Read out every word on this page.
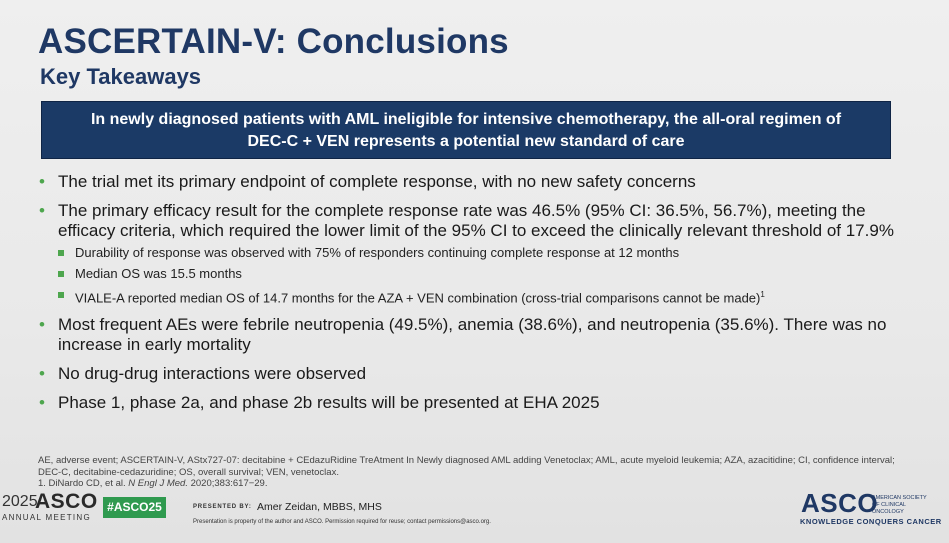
ASCERTAIN-V: Conclusions
Key Takeaways
In newly diagnosed patients with AML ineligible for intensive chemotherapy, the all-oral regimen of
DEC-C + VEN represents a potential new standard of care
• The trial met its primary endpoint of complete response, with no new safety concerns
• The primary efficacy result for the complete response rate was 46.5% (95% CI: 36.5%, 56.7%), meeting the efficacy criteria, which required the lower limit of the 95% CI to exceed the clinically relevant threshold of 17.9%
Durability of response was observed with 75% of responders continuing complete response at 12 months
Median OS was 15.5 months
VIALE-A reported median OS of 14.7 months for the AZA + VEN combination (cross-trial comparisons cannot be made)$^1$
• Most frequent AEs were febrile neutropenia (49.5%), anemia (38.6%), and neutropenia (35.6%). There was no increase in early mortality
• No drug-drug interactions were observed
• Phase 1, phase 2a, and phase 2b results will be presented at EHA 2025
AE, adverse event; ASCERTAIN-V, AStx727-07: decitabine + CEdazuRidine TreAtment In Newly diagnosed AML adding Venetoclax; AML, acute myeloid leukemia; AZA, azacitidine; CI, confidence interval;
DEC-C, decitabine-cedazuridine; OS, overall survival; VEN, venetoclax.
1. DiNardo CD, et al. N Engl J Med. 2020;383:617−29.
2025
ASCO
ANNUAL MEETING
#ASCO25	PRESENTED BY: Amer Zeidan, MBBS, MHS
Presentation is property of the author and ASCO. Permission required for reuse; contact permissions@asco.org.
ASCO
AMERICAN SOCIETY OF CLINICAL ONCOLOGY
KNOWLEDGE CONQUERS CANCER
